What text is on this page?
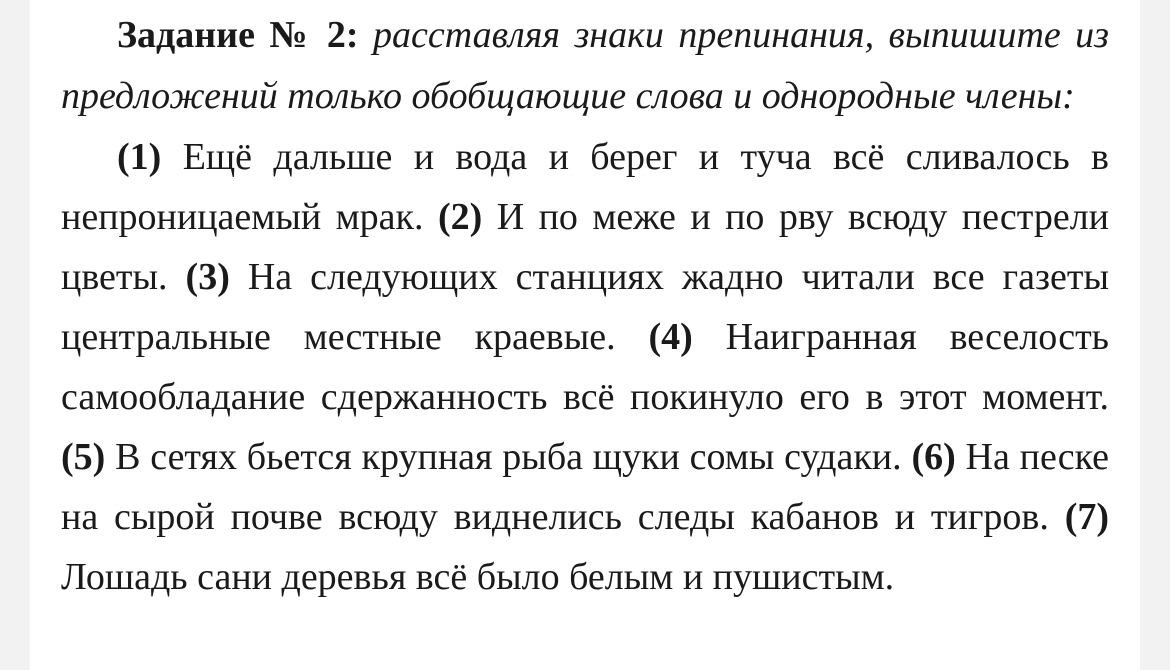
Задание № 2: расставляя знаки препинания, выпишите из предложений только обобщающие слова и однородные члены:

(1) Ещё дальше и вода и берег и туча всё сливалось в непроницаемый мрак. (2) И по меже и по рву всюду пестрели цветы. (3) На следующих станциях жадно читали все газеты центральные местные краевые. (4) Наигранная веселость самообладание сдержанность всё покинуло его в этот момент. (5) В сетях бьется крупная рыба щуки сомы судаки. (6) На песке на сырой почве всюду виднелись следы кабанов и тигров. (7) Лошадь сани деревья всё было белым и пушистым.
